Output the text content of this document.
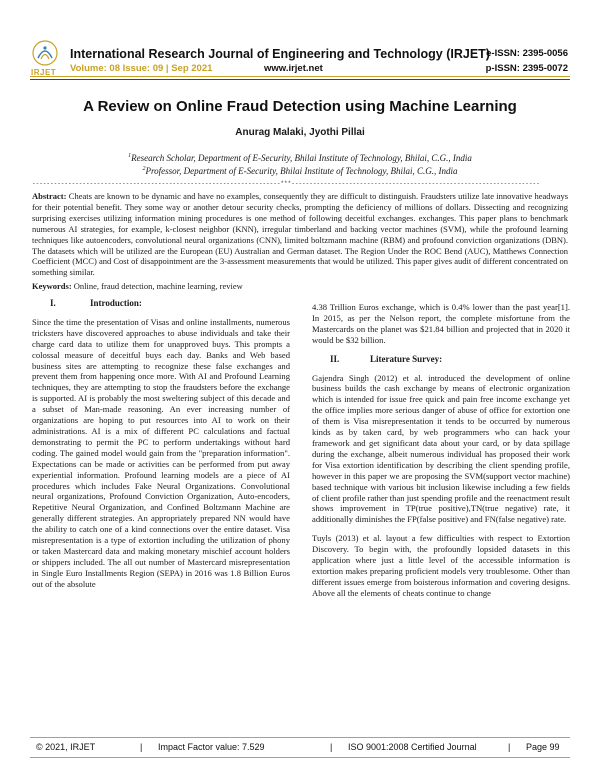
IRJET
International Research Journal of Engineering and Technology (IRJET)
Volume: 08 Issue: 09 | Sep 2021	www.irjet.net
e-ISSN: 2395-0056
p-ISSN: 2395-0072
A Review on Online Fraud Detection using Machine Learning
Anurag Malaki, Jyothi Pillai
$^1$Research Scholar, Department of E-Security, Bhilai Institute of Technology, Bhilai, C.G., India
$^2$Professor, Department of E-Security, Bhilai Institute of Technology, Bhilai, C.G., India
---------------------------------------------------------------------***---------------------------------------------------------------------
Abstract: Cheats are known to be dynamic and have no examples, consequently they are difficult to distinguish. Fraudsters utilize late innovative headways for their potential benefit. They some way or another detour security checks, prompting the deficiency of millions of dollars. Dissecting and recognizing surprising exercises utilizing information mining procedures is one method of following deceitful exchanges. exchanges. This paper plans to benchmark numerous AI strategies, for example, k-closest neighbor (KNN), irregular timberland and backing vector machines (SVM), while the profound learning techniques like autoencoders, convolutional neural organizations (CNN), limited boltzmann machine (RBM) and profound conviction organizations (DBN). The datasets which will be utilized are the European (EU) Australian and German dataset. The Region Under the ROC Bend (AUC), Matthews Connection Coefficient (MCC) and Cost of disappointment are the 3-assessment measurements that would be utilized. This paper gives audit of different concentrated on something similar.
Keywords: Online, fraud detection, machine learning, review
I.	Introduction:

Since the time the presentation of Visas and online installments, numerous tricksters have discovered approaches to abuse individuals and take their charge card data to utilize them for unapproved buys. This prompts a colossal measure of deceitful buys each day. Banks and Web based business sites are attempting to recognize these false exchanges and prevent them from happening once more. With AI and Profound Learning techniques, they are attempting to stop the fraudsters before the exchange is supported. AI is probably the most sweltering subject of this decade and a subset of Man-made reasoning. An ever increasing number of organizations are hoping to put resources into AI to work on their administrations. AI is a mix of different PC calculations and factual demonstrating to permit the PC to perform undertakings without hard coding. The gained model would gain from the "preparation information". Expectations can be made or activities can be performed from put away experiential information. Profound learning models are a piece of AI procedures which includes Fake Neural Organizations. Convolutional neural organizations, Profound Conviction Organization, Auto-encoders, Repetitive Neural Organization, and Confined Boltzmann Machine are generally different strategies. An appropriately prepared NN would have the ability to catch one of a kind connections over the entire dataset. Visa misrepresentation is a type of extortion including the utilization of phony or taken Mastercard data and making monetary mischief account holders or shippers included. The all out number of Mastercard misrepresentation in Single Euro Installments Region (SEPA) in 2016 was 1.8 Billion Euros out of the absolute

4.38 Trillion Euros exchange, which is 0.4% lower than the past year[1]. In 2015, as per the Nelson report, the complete misfortune from the Mastercards on the planet was $21.84 billion and projected that in 2020 it would be $32 billion.

II.	Literature Survey:

Gajendra Singh (2012) et al. introduced the development of online business builds the cash exchange by means of electronic organization which is intended for issue free quick and pain free income exchange yet the office implies more serious danger of abuse of office for extortion one of them is Visa misrepresentation it tends to be occurred by numerous kinds as by taken card, by web programmers who can hack your framework and get significant data about your card, or by data spillage during the exchange, albeit numerous individual has proposed their work for Visa extortion identification by describing the client spending profile, however in this paper we are proposing the SVM(support vector machine) based technique with various bit inclusion likewise including a few fields of client profile rather than just spending profile and the reenactment result shows improvement in TP(true positive),TN(true negative) rate, it additionally diminishes the FP(false positive) and FN(false negative) rate.

Tuyls (2013) et al. layout a few difficulties with respect to Extortion Discovery. To begin with, the profoundly lopsided datasets in this application where just a little level of the accessible information is extortion makes preparing proficient models very troublesome. Other than different issues emerge from boisterous information and covering designs. Above all the elements of cheats continue to change

© 2021, IRJET	| Impact Factor value: 7.529	| ISO 9001:2008 Certified Journal	| Page 99
